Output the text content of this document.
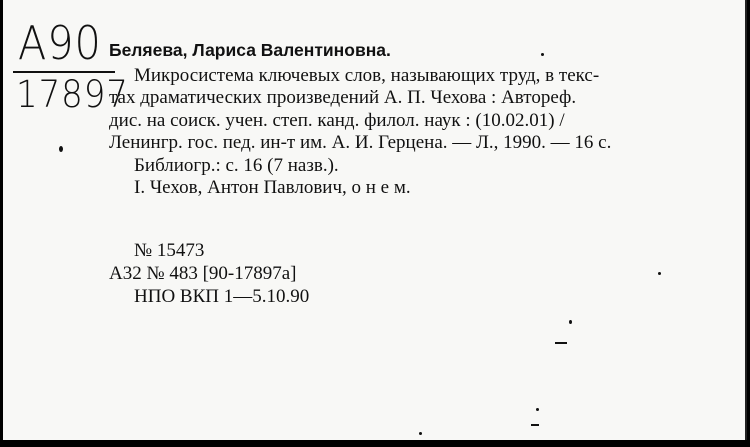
А90
17897
Беляева, Лариса Валентиновна.
Микросистема ключевых слов, называющих труд, в текс-
тах драматических произведений А. П. Чехова : Автореф.
дис. на соиск. учен. степ. канд. филол. наук : (10.02.01) /
Ленингр. гос. пед. ин-т им. А. И. Герцена. — Л., 1990. — 16 с.
Библиогр.: с. 16 (7 назв.).
I. Чехов, Антон Павлович, о н е м.
№ 15473
А32 № 483 [90-17897а]
НПО ВКП 1—5.10.90
